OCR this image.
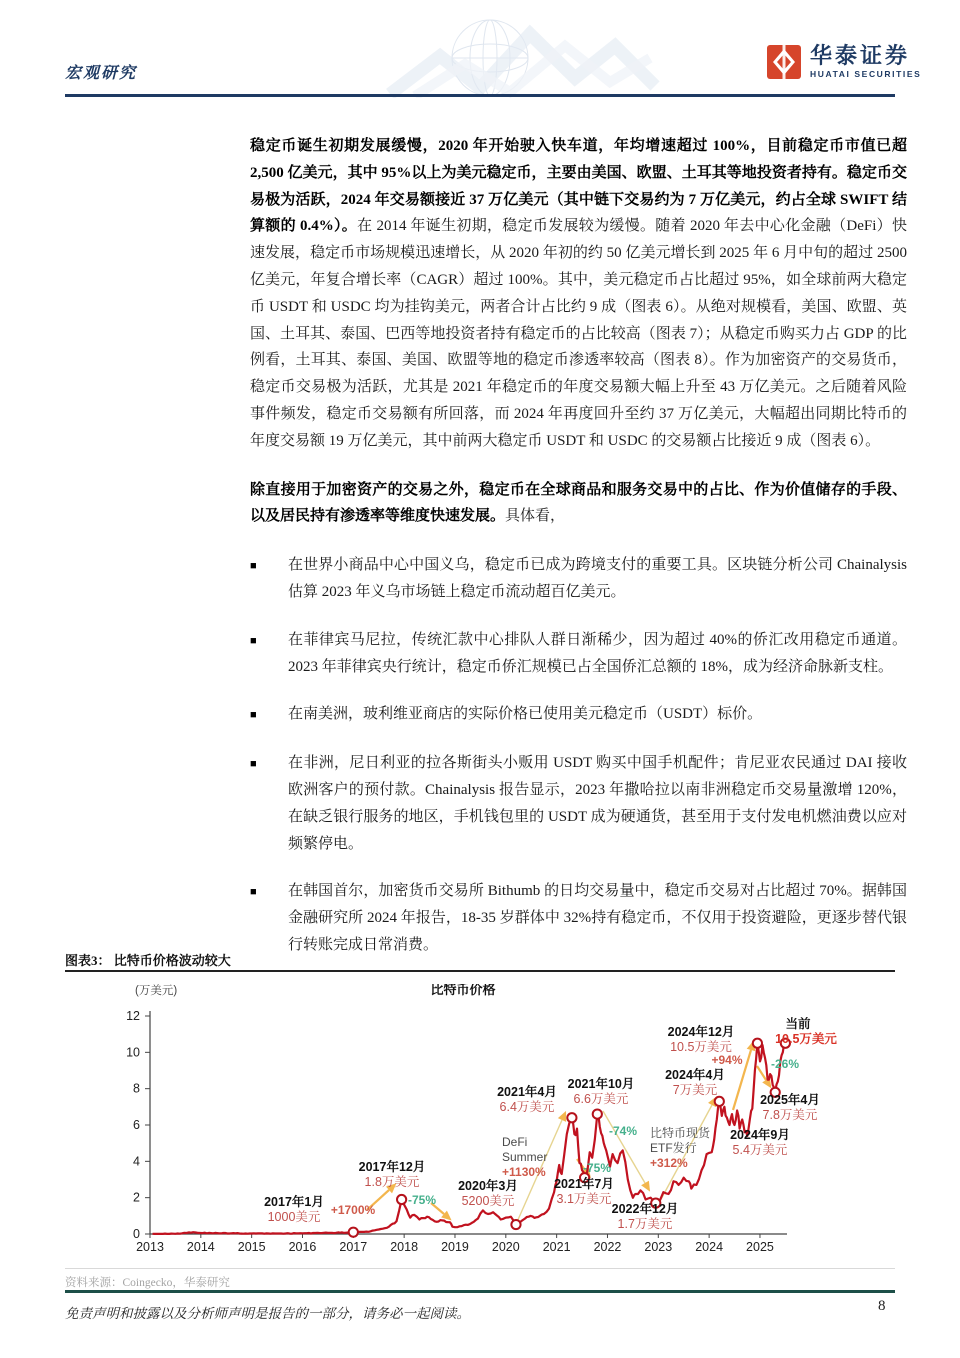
宏观研究
华泰证券
HUATAI SECURITIES

稳定币诞生初期发展缓慢，2020 年开始驶入快车道，年均增速超过 100%，目前稳定币市值已超 2,500 亿美元，其中 95%以上为美元稳定币，主要由美国、欧盟、土耳其等地投资者持有。稳定币交易极为活跃，2024 年交易额接近 37 万亿美元（其中链下交易约为 7 万亿美元，约占全球 SWIFT 结算额的 0.4%）。在 2014 年诞生初期，稳定币发展较为缓慢。随着 2020 年去中心化金融（DeFi）快速发展，稳定币市场规模迅速增长，从 2020 年初的约 50 亿美元增长到 2025 年 6 月中旬的超过 2500 亿美元，年复合增长率（CAGR）超过 100%。其中，美元稳定币占比超过 95%，如全球前两大稳定币 USDT 和 USDC 均为挂钩美元，两者合计占比约 9 成（图表 6）。从绝对规模看，美国、欧盟、英国、土耳其、泰国、巴西等地投资者持有稳定币的占比较高（图表 7）；从稳定币购买力占 GDP 的比例看，土耳其、泰国、美国、欧盟等地的稳定币渗透率较高（图表 8）。作为加密资产的交易货币，稳定币交易极为活跃，尤其是 2021 年稳定币的年度交易额大幅上升至 43 万亿美元。之后随着风险事件频发，稳定币交易额有所回落，而 2024 年再度回升至约 37 万亿美元，大幅超出同期比特币的年度交易额 19 万亿美元，其中前两大稳定币 USDT 和 USDC 的交易额占比接近 9 成（图表 6）。

除直接用于加密资产的交易之外，稳定币在全球商品和服务交易中的占比、作为价值储存的手段、以及居民持有渗透率等维度快速发展。具体看，

■	在世界小商品中心中国义乌，稳定币已成为跨境支付的重要工具。区块链分析公司 Chainalysis 估算 2023 年义乌市场链上稳定币流动超百亿美元。
■	在菲律宾马尼拉，传统汇款中心排队人群日渐稀少，因为超过 40%的侨汇改用稳定币通道。2023 年菲律宾央行统计，稳定币侨汇规模已占全国侨汇总额的 18%，成为经济命脉新支柱。
■	在南美洲，玻利维亚商店的实际价格已使用美元稳定币（USDT）标价。
■	在非洲，尼日利亚的拉各斯街头小贩用 USDT 购买中国手机配件；肯尼亚农民通过 DAI 接收欧洲客户的预付款。Chainalysis 报告显示，2023 年撒哈拉以南非洲稳定币交易量激增 120%，在缺乏银行服务的地区，手机钱包里的 USDT 成为硬通货，甚至用于支付发电机燃油费以应对频繁停电。
■	在韩国首尔，加密货币交易所 Bithumb 的日均交易量中，稳定币交易对占比超过 70%。据韩国金融研究所 2024 年报告，18-35 岁群体中 32%持有稳定币，不仅用于投资避险，更逐步替代银行转账完成日常消费。
图表3： 比特币价格波动较大
(万美元)	比特币价格
0
2
4
6
8
10
12
2013 2014 2015 2016 2017 2018 2019 2020 2021 2022 2023 2024 2025
2017年1月
1000美元
2017年12月
1.8万美元	2020年3月
5200美元
2021年4月
6.4万美元
2021年10月
6.6万美元
2021年7月
3.1万美元
2022年12月
1.7万美元
2024年4月
7万美元
2024年12月
10.5万美元
2024年9月
5.4万美元
2025年4月
7.8万美元
当前
10.5万美元
+1700%
-75%
DeFi
Summer
+1130%
-74%
-75%
比特币现货
ETF发行
+312%
+94% -26%
资料来源：Coingecko，华泰研究
免责声明和披露以及分析师声明是报告的一部分，请务必一起阅读。	8
